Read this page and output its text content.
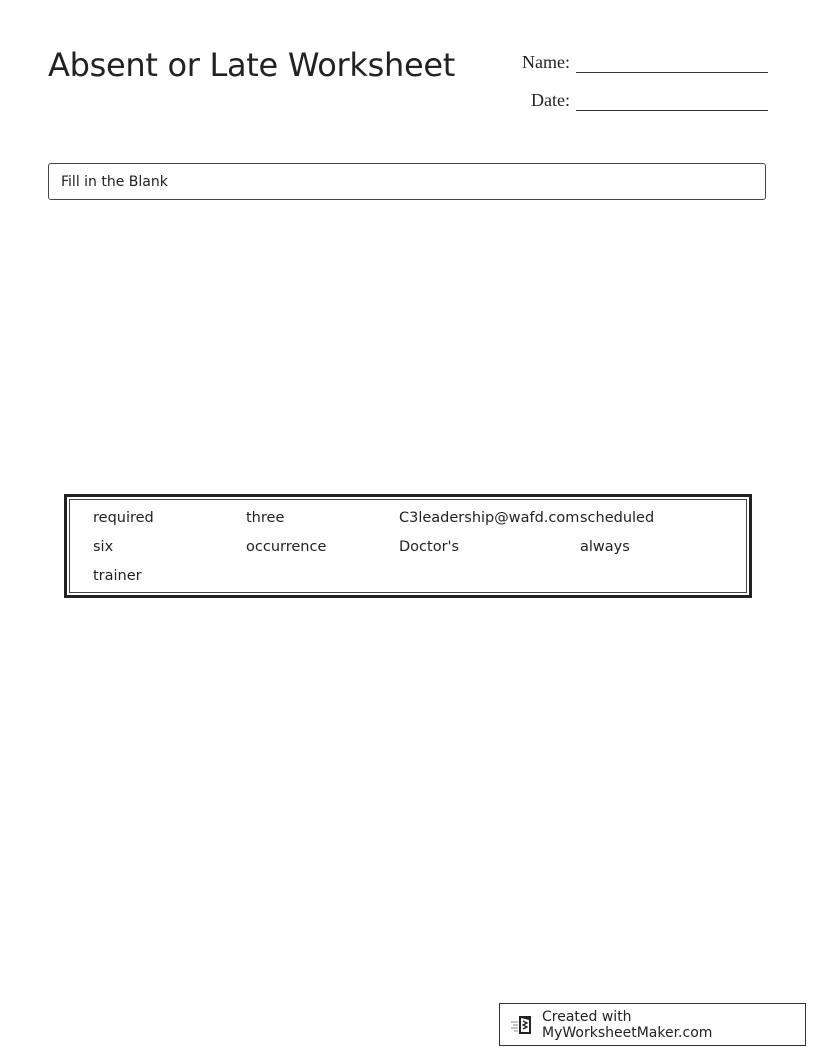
Absent or Late Worksheet	Name:
Date:
Fill in the Blank
required	three	C3leadership@wafd.com scheduled
six	occurrence	Doctor's	always
trainer
Created with MyWorksheetMaker.com
